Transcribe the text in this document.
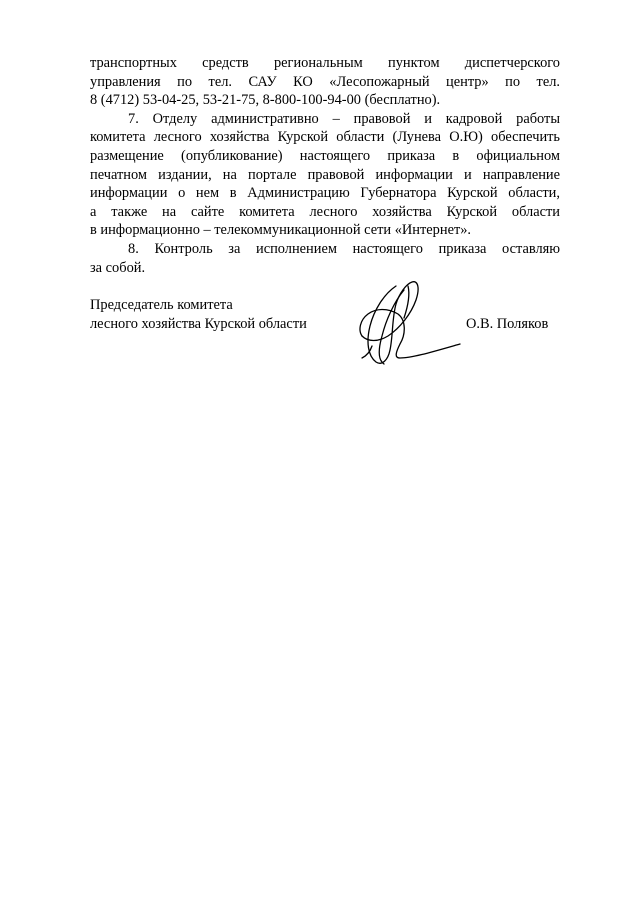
транспортных средств региональным пунктом диспетчерского
управления по тел. САУ КО «Лесопожарный центр» по тел.
8 (4712) 53-04-25, 53-21-75, 8-800-100-94-00 (бесплатно).
7. Отделу административно – правовой и кадровой работы
комитета лесного хозяйства Курской области (Лунева О.Ю) обеспечить
размещение (опубликование) настоящего приказа в официальном
печатном издании, на портале правовой информации и направление
информации о нем в Администрацию Губернатора Курской области,
а также на сайте комитета лесного хозяйства Курской области
в информационно – телекоммуникационной сети «Интернет».
8. Контроль за исполнением настоящего приказа оставляю
за собой.
Председатель комитета
лесного хозяйства Курской области	О.В. Поляков
